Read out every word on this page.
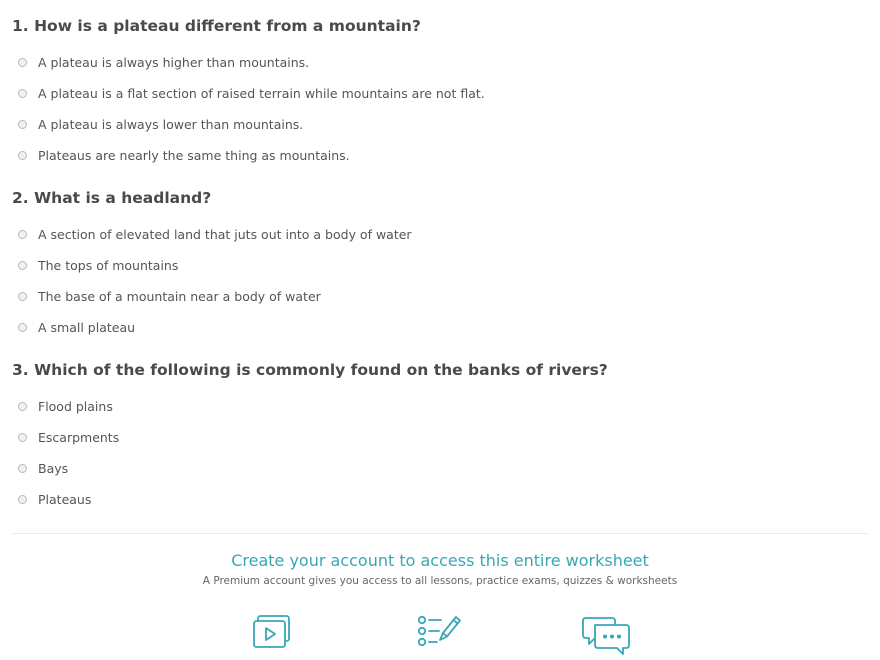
1. How is a plateau different from a mountain?
A plateau is always higher than mountains.
A plateau is a flat section of raised terrain while mountains are not flat.
A plateau is always lower than mountains.
Plateaus are nearly the same thing as mountains.
2. What is a headland?
A section of elevated land that juts out into a body of water
The tops of mountains
The base of a mountain near a body of water
A small plateau
3. Which of the following is commonly found on the banks of rivers?
Flood plains
Escarpments
Bays
Plateaus
Create your account to access this entire worksheet
A Premium account gives you access to all lessons, practice exams, quizzes & worksheets
